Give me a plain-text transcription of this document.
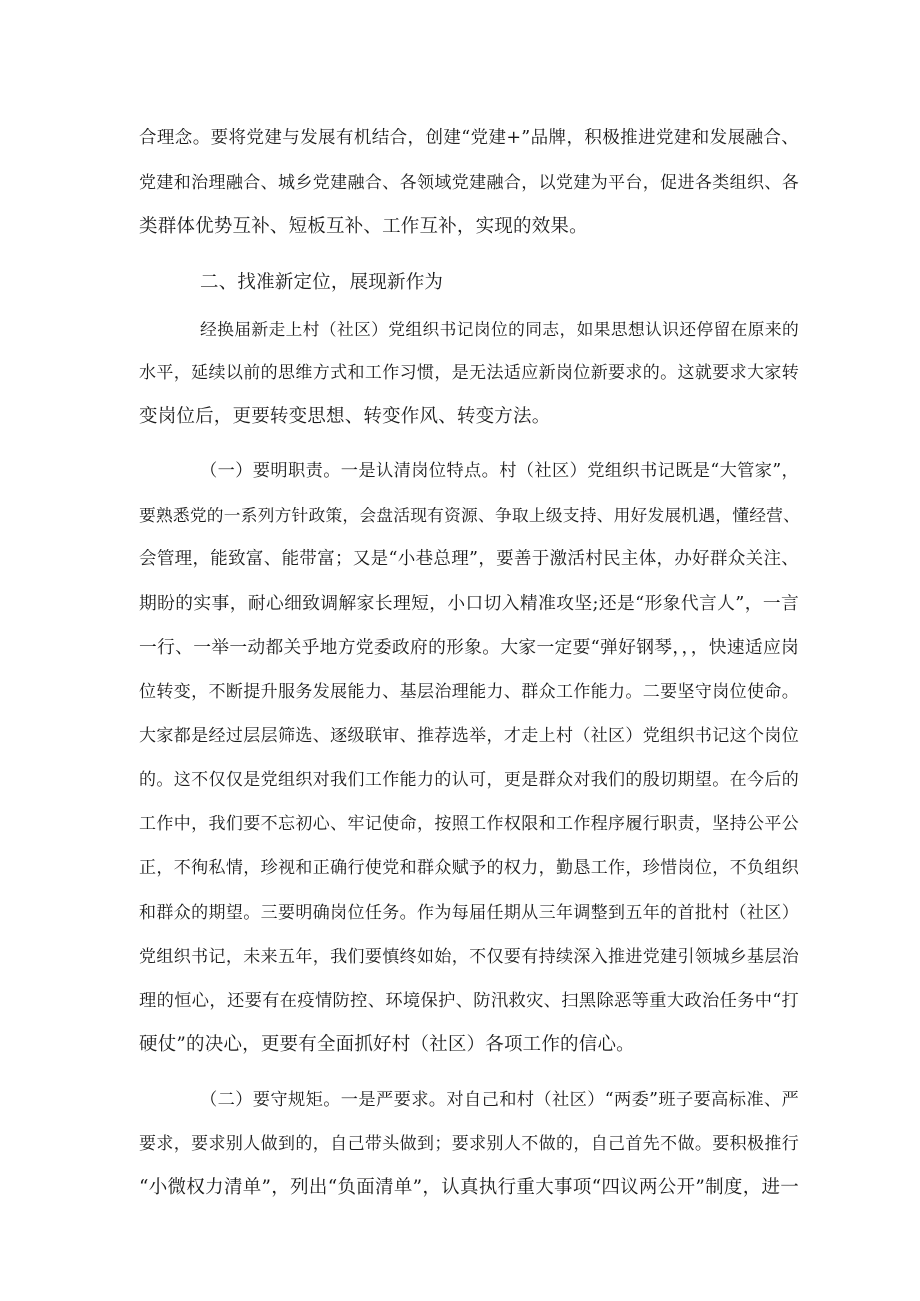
合理念。要将党建与发展有机结合，创建“党建+”品牌，积极推进党建和发展融合、
党建和治理融合、城乡党建融合、各领域党建融合，以党建为平台，促进各类组织、各
类群体优势互补、短板互补、工作互补，实现的效果。
二、找准新定位，展现新作为
经换届新走上村（社区）党组织书记岗位的同志，如果思想认识还停留在原来的
水平，延续以前的思维方式和工作习惯，是无法适应新岗位新要求的。这就要求大家转
变岗位后，更要转变思想、转变作风、转变方法。
（一）要明职责。一是认清岗位特点。村（社区）党组织书记既是“大管家”，
要熟悉党的一系列方针政策，会盘活现有资源、争取上级支持、用好发展机遇，懂经营、
会管理，能致富、能带富；又是“小巷总理”，要善于激活村民主体，办好群众关注、
期盼的实事，耐心细致调解家长理短，小口切入精准攻坚;还是“形象代言人”，一言
一行、一举一动都关乎地方党委政府的形象。大家一定要“弹好钢琴，，，快速适应岗
位转变，不断提升服务发展能力、基层治理能力、群众工作能力。二要坚守岗位使命。
大家都是经过层层筛选、逐级联审、推荐选举，才走上村（社区）党组织书记这个岗位
的。这不仅仅是党组织对我们工作能力的认可，更是群众对我们的殷切期望。在今后的
工作中，我们要不忘初心、牢记使命，按照工作权限和工作程序履行职责，坚持公平公
正，不徇私情，珍视和正确行使党和群众赋予的权力，勤恳工作，珍惜岗位，不负组织
和群众的期望。三要明确岗位任务。作为每届任期从三年调整到五年的首批村（社区）
党组织书记，未来五年，我们要慎终如始，不仅要有持续深入推进党建引领城乡基层治
理的恒心，还要有在疫情防控、环境保护、防汛救灾、扫黑除恶等重大政治任务中“打
硬仗”的决心，更要有全面抓好村（社区）各项工作的信心。
（二）要守规矩。一是严要求。对自己和村（社区）“两委”班子要高标准、严
要求，要求别人做到的，自己带头做到；要求别人不做的，自己首先不做。要积极推行
“小微权力清单”，列出“负面清单”，认真执行重大事项“四议两公开”制度，进一
